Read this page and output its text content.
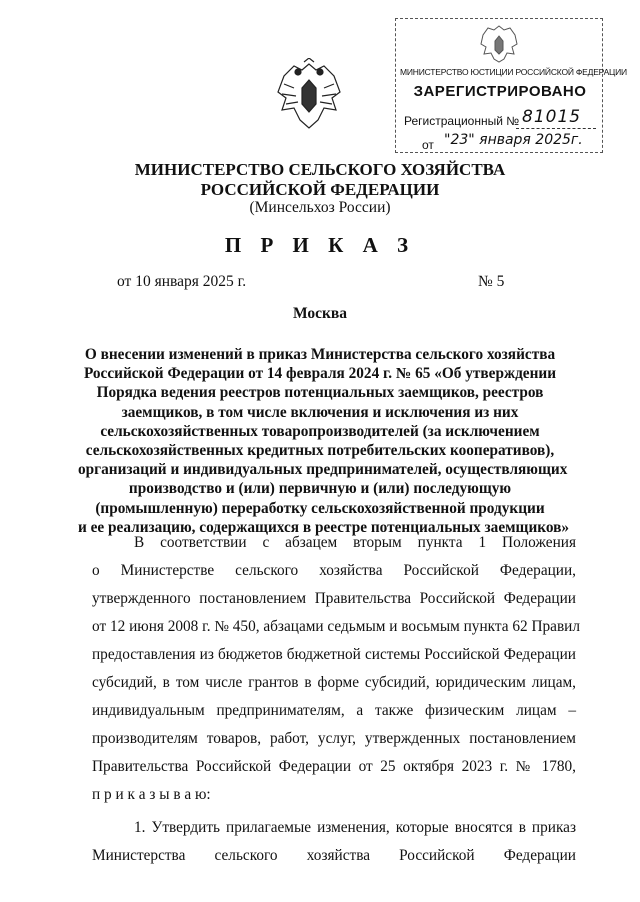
МИНИСТЕРСТВО ЮСТИЦИИ РОССИЙСКОЙ ФЕДЕРАЦИИ
ЗАРЕГИСТРИРОВАНО
Регистрационный № 81015
от "23" января 2025г.
МИНИСТЕРСТВО СЕЛЬСКОГО ХОЗЯЙСТВА
РОССИЙСКОЙ ФЕДЕРАЦИИ
(Минсельхоз России)
П Р И К А З
от 10 января 2025 г.	№ 5
Москва
О внесении изменений в приказ Министерства сельского хозяйства
Российской Федерации от 14 февраля 2024 г. № 65 «Об утверждении
Порядка ведения реестров потенциальных заемщиков, реестров
заемщиков, в том числе включения и исключения из них
сельскохозяйственных товаропроизводителей (за исключением
сельскохозяйственных кредитных потребительских кооперативов),
организаций и индивидуальных предпринимателей, осуществляющих
производство и (или) первичную и (или) последующую
(промышленную) переработку сельскохозяйственной продукции
и ее реализацию, содержащихся в реестре потенциальных заемщиков»
В соответствии с абзацем вторым пункта 1 Положения
о Министерстве сельского хозяйства Российской Федерации,
утвержденного постановлением Правительства Российской Федерации
от 12 июня 2008 г. № 450, абзацами седьмым и восьмым пункта 62 Правил
предоставления из бюджетов бюджетной системы Российской Федерации
субсидий, в том числе грантов в форме субсидий, юридическим лицам,
индивидуальным предпринимателям, а также физическим лицам –
производителям товаров, работ, услуг, утвержденных постановлением
Правительства Российской Федерации от 25 октября 2023 г. № 1780,
п р и к а з ы в а ю:
1. Утвердить прилагаемые изменения, которые вносятся в приказ
Министерства сельского хозяйства Российской Федерации
